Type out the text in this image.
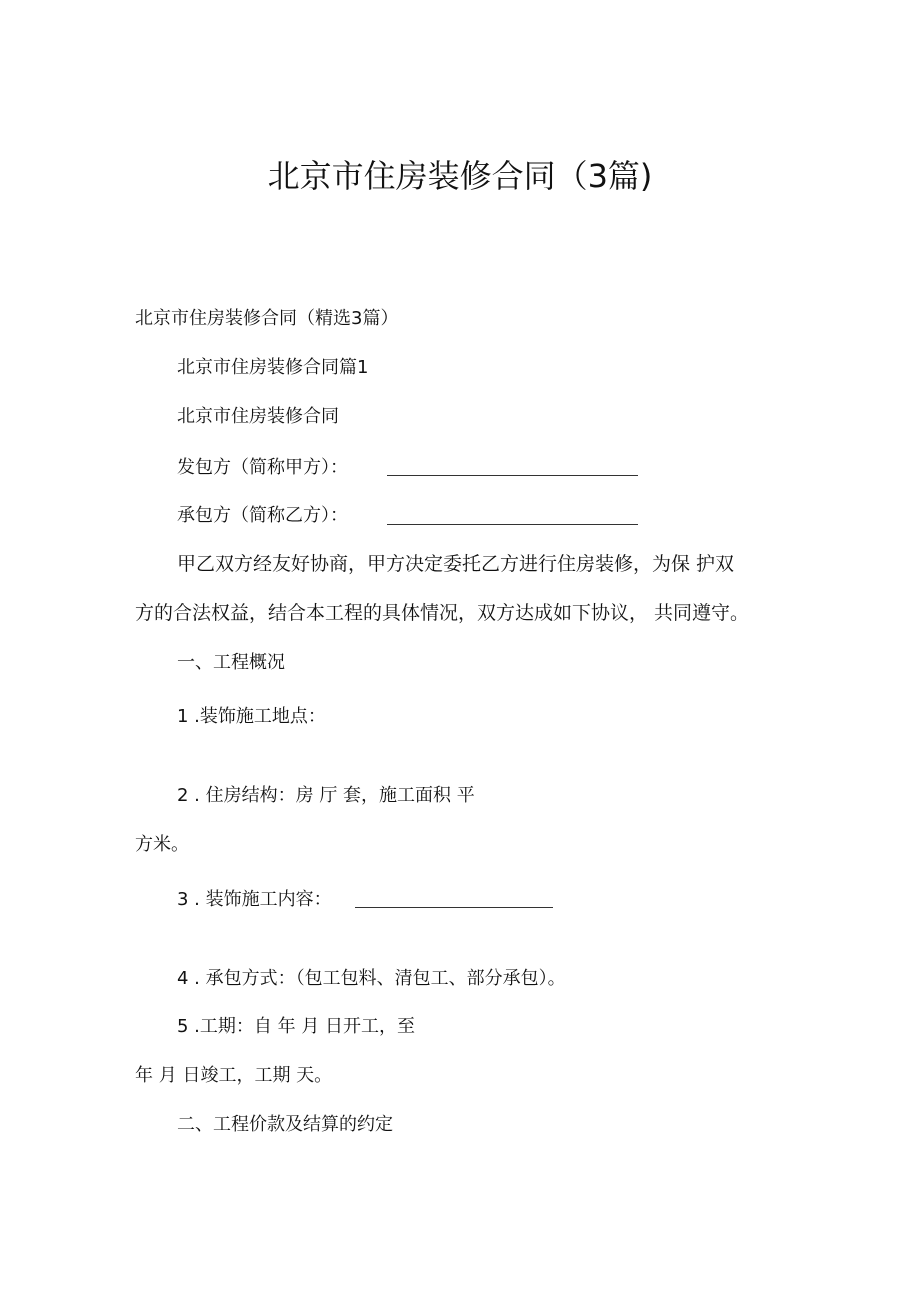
北京市住房装修合同（3篇)
北京市住房装修合同（精选3篇）
北京市住房装修合同篇1
北京市住房装修合同
发包方（简称甲方）：
承包方（简称乙方）：
甲乙双方经友好协商，甲方决定委托乙方进行住房装修，为保 护双
方的合法权益，结合本工程的具体情况，双方达成如下协议， 共同遵守。
一、工程概况
1 .装饰施工地点：
2 . 住房结构：房 厅 套，施工面积 平
方米。
3 . 装饰施工内容：
4 . 承包方式：（包工包料、清包工、部分承包）。
5 .工期：自 年 月 日开工，至
年 月 日竣工，工期 天。
二、工程价款及结算的约定
